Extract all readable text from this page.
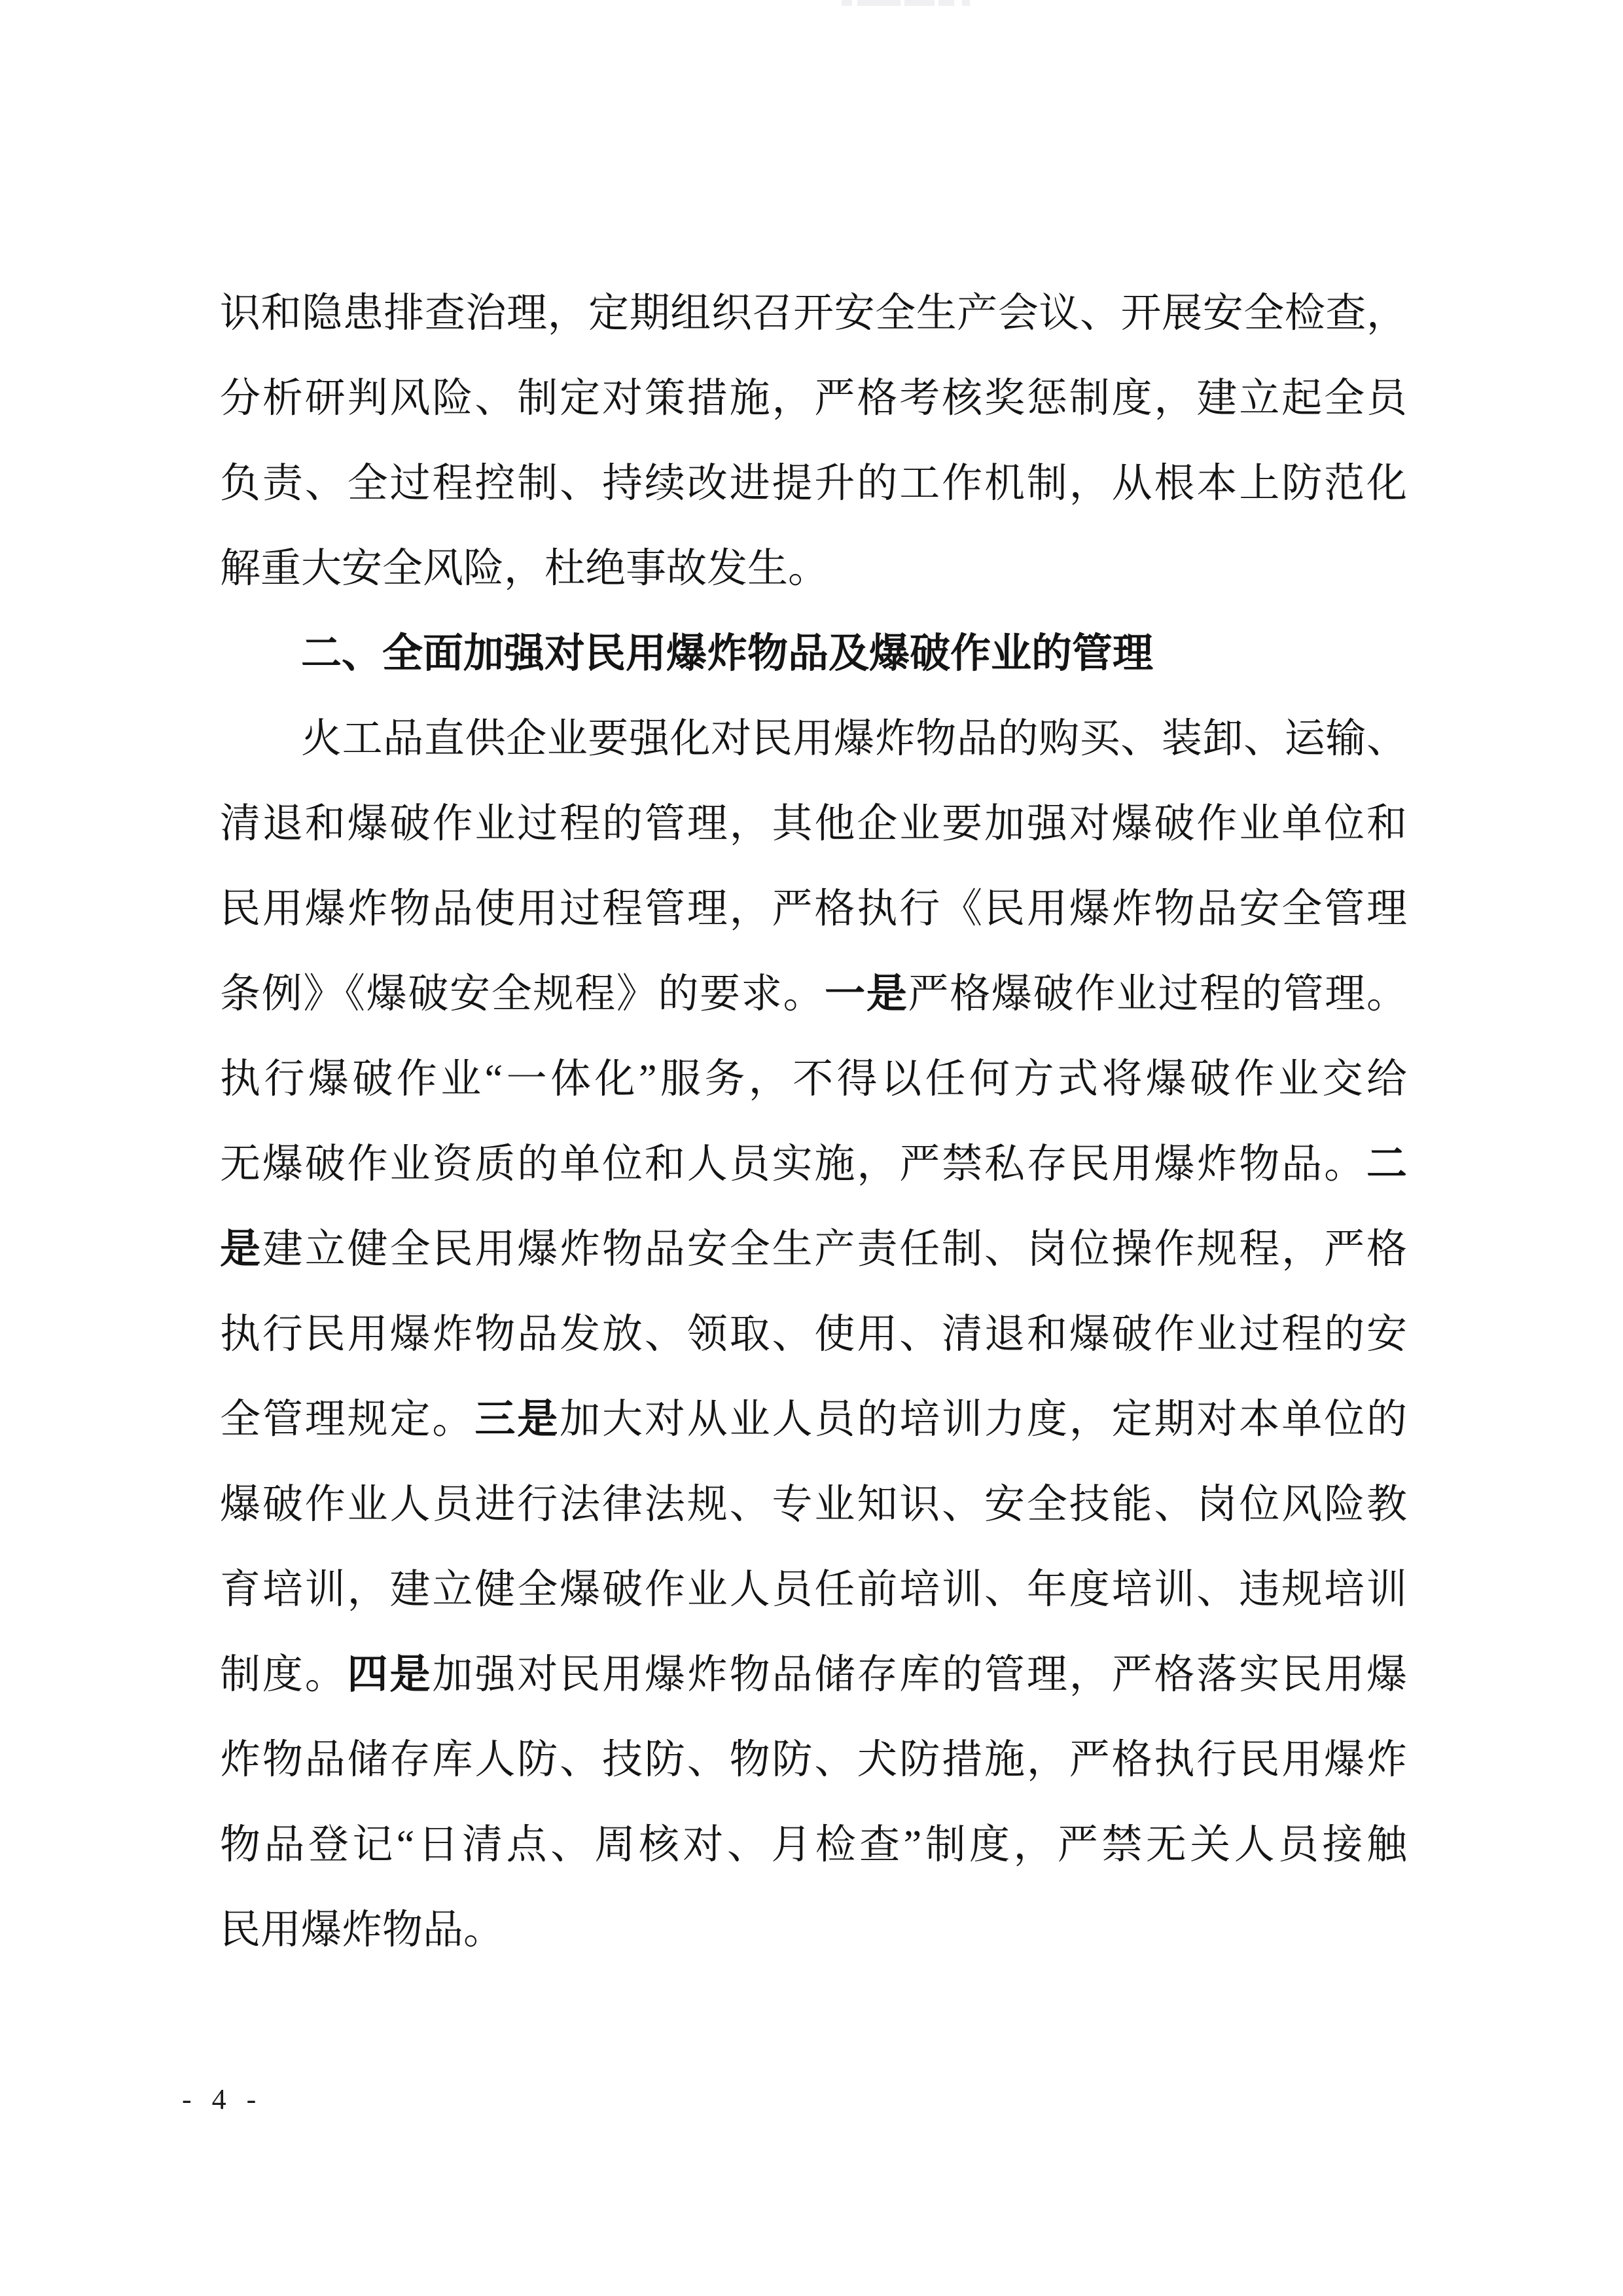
识和隐患排查治理，定期组织召开安全生产会议、开展安全检查，
分析研判风险、制定对策措施，严格考核奖惩制度，建立起全员
负责、全过程控制、持续改进提升的工作机制，从根本上防范化
解重大安全风险，杜绝事故发生。
二、全面加强对民用爆炸物品及爆破作业的管理
火工品直供企业要强化对民用爆炸物品的购买、装卸、运输、
清退和爆破作业过程的管理，其他企业要加强对爆破作业单位和
民用爆炸物品使用过程管理，严格执行《民用爆炸物品安全管理
条例》《爆破安全规程》的要求。一是严格爆破作业过程的管理。
执行爆破作业“一体化”服务，不得以任何方式将爆破作业交给
无爆破作业资质的单位和人员实施，严禁私存民用爆炸物品。二
是建立健全民用爆炸物品安全生产责任制、岗位操作规程，严格
执行民用爆炸物品发放、领取、使用、清退和爆破作业过程的安
全管理规定。三是加大对从业人员的培训力度，定期对本单位的
爆破作业人员进行法律法规、专业知识、安全技能、岗位风险教
育培训，建立健全爆破作业人员任前培训、年度培训、违规培训
制度。四是加强对民用爆炸物品储存库的管理，严格落实民用爆
炸物品储存库人防、技防、物防、犬防措施，严格执行民用爆炸
物品登记“日清点、周核对、月检查”制度，严禁无关人员接触
民用爆炸物品。
- 4 -
